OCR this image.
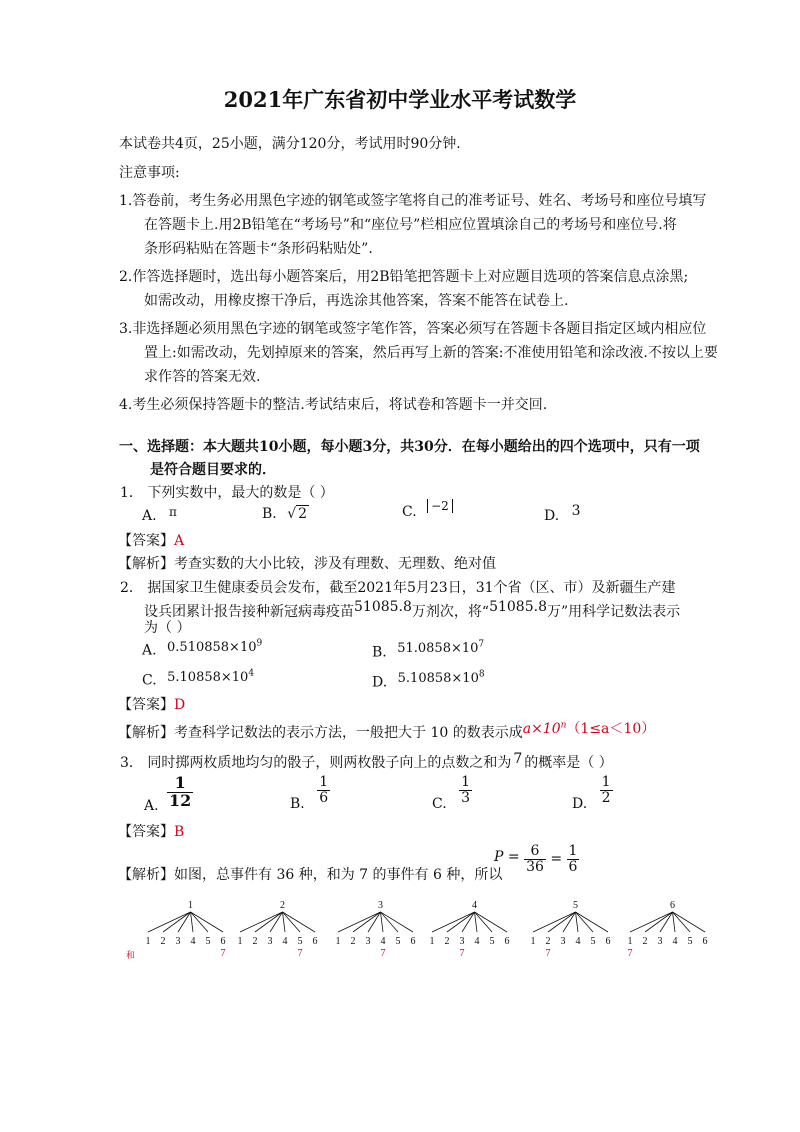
2021年广东省初中学业水平考试数学
本试卷共4页，25小题，满分120分，考试用时90分钟.
注意事项:
1.答卷前，考生务必用黑色字迹的钢笔或签字笔将自己的准考证号、姓名、考场号和座位号填写
在答题卡上.用2B铅笔在“考场号”和“座位号”栏相应位置填涂自己的考场号和座位号.将
条形码粘贴在答题卡“条形码粘贴处”.
2.作答选择题时，选出每小题答案后，用2B铅笔把答题卡上对应题目选项的答案信息点涂黑;
如需改动，用橡皮擦干净后，再选涂其他答案，答案不能答在试卷上.
3.非选择题必须用黑色字迹的钢笔或签字笔作答，答案必须写在答题卡各题目指定区域内相应位
置上:如需改动，先划掉原来的答案，然后再写上新的答案:不准使用铅笔和涂改液.不按以上要
求作答的答案无效.
4.考生必须保持答题卡的整洁.考试结束后，将试卷和答题卡一并交回.
一、选择题：本大题共10小题，每小题3分，共30分．在每小题给出的四个选项中，只有一项
是符合题目要求的．
1． 下列实数中，最大的数是（ ）
A. π	B. √ 2	C. −2
D. 3
【答案】A
【解析】考查实数的大小比较，涉及有理数、无理数、绝对值
2． 据国家卫生健康委员会发布，截至2021年5月23日，31个省（区、市）及新疆生产建
设兵团累计报告接种新冠病毒疫苗51085.8万剂次，将“51085.8万”用科学记数法表示
为（ ）
A. $0.510858\times 10^9$
B. $51.0858\times 10^7$
C. $5.10858\times 10^4$
D. $5.10858\times 10^8$
【答案】D
【解析】考查科学记数法的表示方法，一般把大于 10 的数表示成$a\times 10^n(1\le a<10)$
3． 同时掷两枚质地均匀的骰子，则两枚骰子向上的点数之和为 7 的概率是（ ）
A. $\frac{1}{12}$	B. $\frac{1}{6}$	C. $\frac{1}{3}$	D. $\frac{1}{2}$
【答案】B
【解析】如图，总事件有 36 种，和为 7 的事件有 6 种，所以
$P = \frac{6}{36} = \frac{1}{6}$
1
1 2 3 4 5 6
7
2
1 2 3 4 5
7
6
3
1 2 3 4
7
5 6
4
1 2 3
7
4 5 6
5
1 2
7
3 4 5 6
6
1
7
2 3 4 5 6
和
